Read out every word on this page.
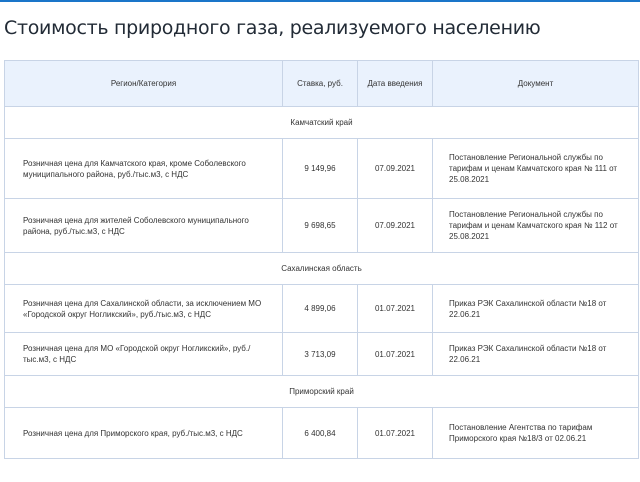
Стоимость природного газа, реализуемого населению
Регион/Категория	Ставка, руб.	Дата введения	Документ
Камчатский край			
Розничная цена для Камчатского края, кроме Соболевского муниципального района, руб./тыс.м3, с НДС	9 149,96	07.09.2021	Постановление Региональной службы по тарифам и ценам Камчатского края № 111 от 25.08.2021
Розничная цена для жителей Соболевского муниципального района, руб./тыс.м3, с НДС	9 698,65	07.09.2021	Постановление Региональной службы по тарифам и ценам Камчатского края № 112 от 25.08.2021
Сахалинская область			
Розничная цена для Сахалинской области, за исключением МО «Городской округ Ногликский», руб./тыс.м3, с НДС	4 899,06	01.07.2021	Приказ РЭК Сахалинской области №18 от 22.06.21
Розничная цена для МО «Городской округ Ногликский», руб./тыс.м3, с НДС	3 713,09	01.07.2021	Приказ РЭК Сахалинской области №18 от 22.06.21
Приморский край			
Розничная цена для Приморского края, руб./тыс.м3, с НДС	6 400,84	01.07.2021	Постановление Агентства по тарифам Приморского края №18/3 от 02.06.21
